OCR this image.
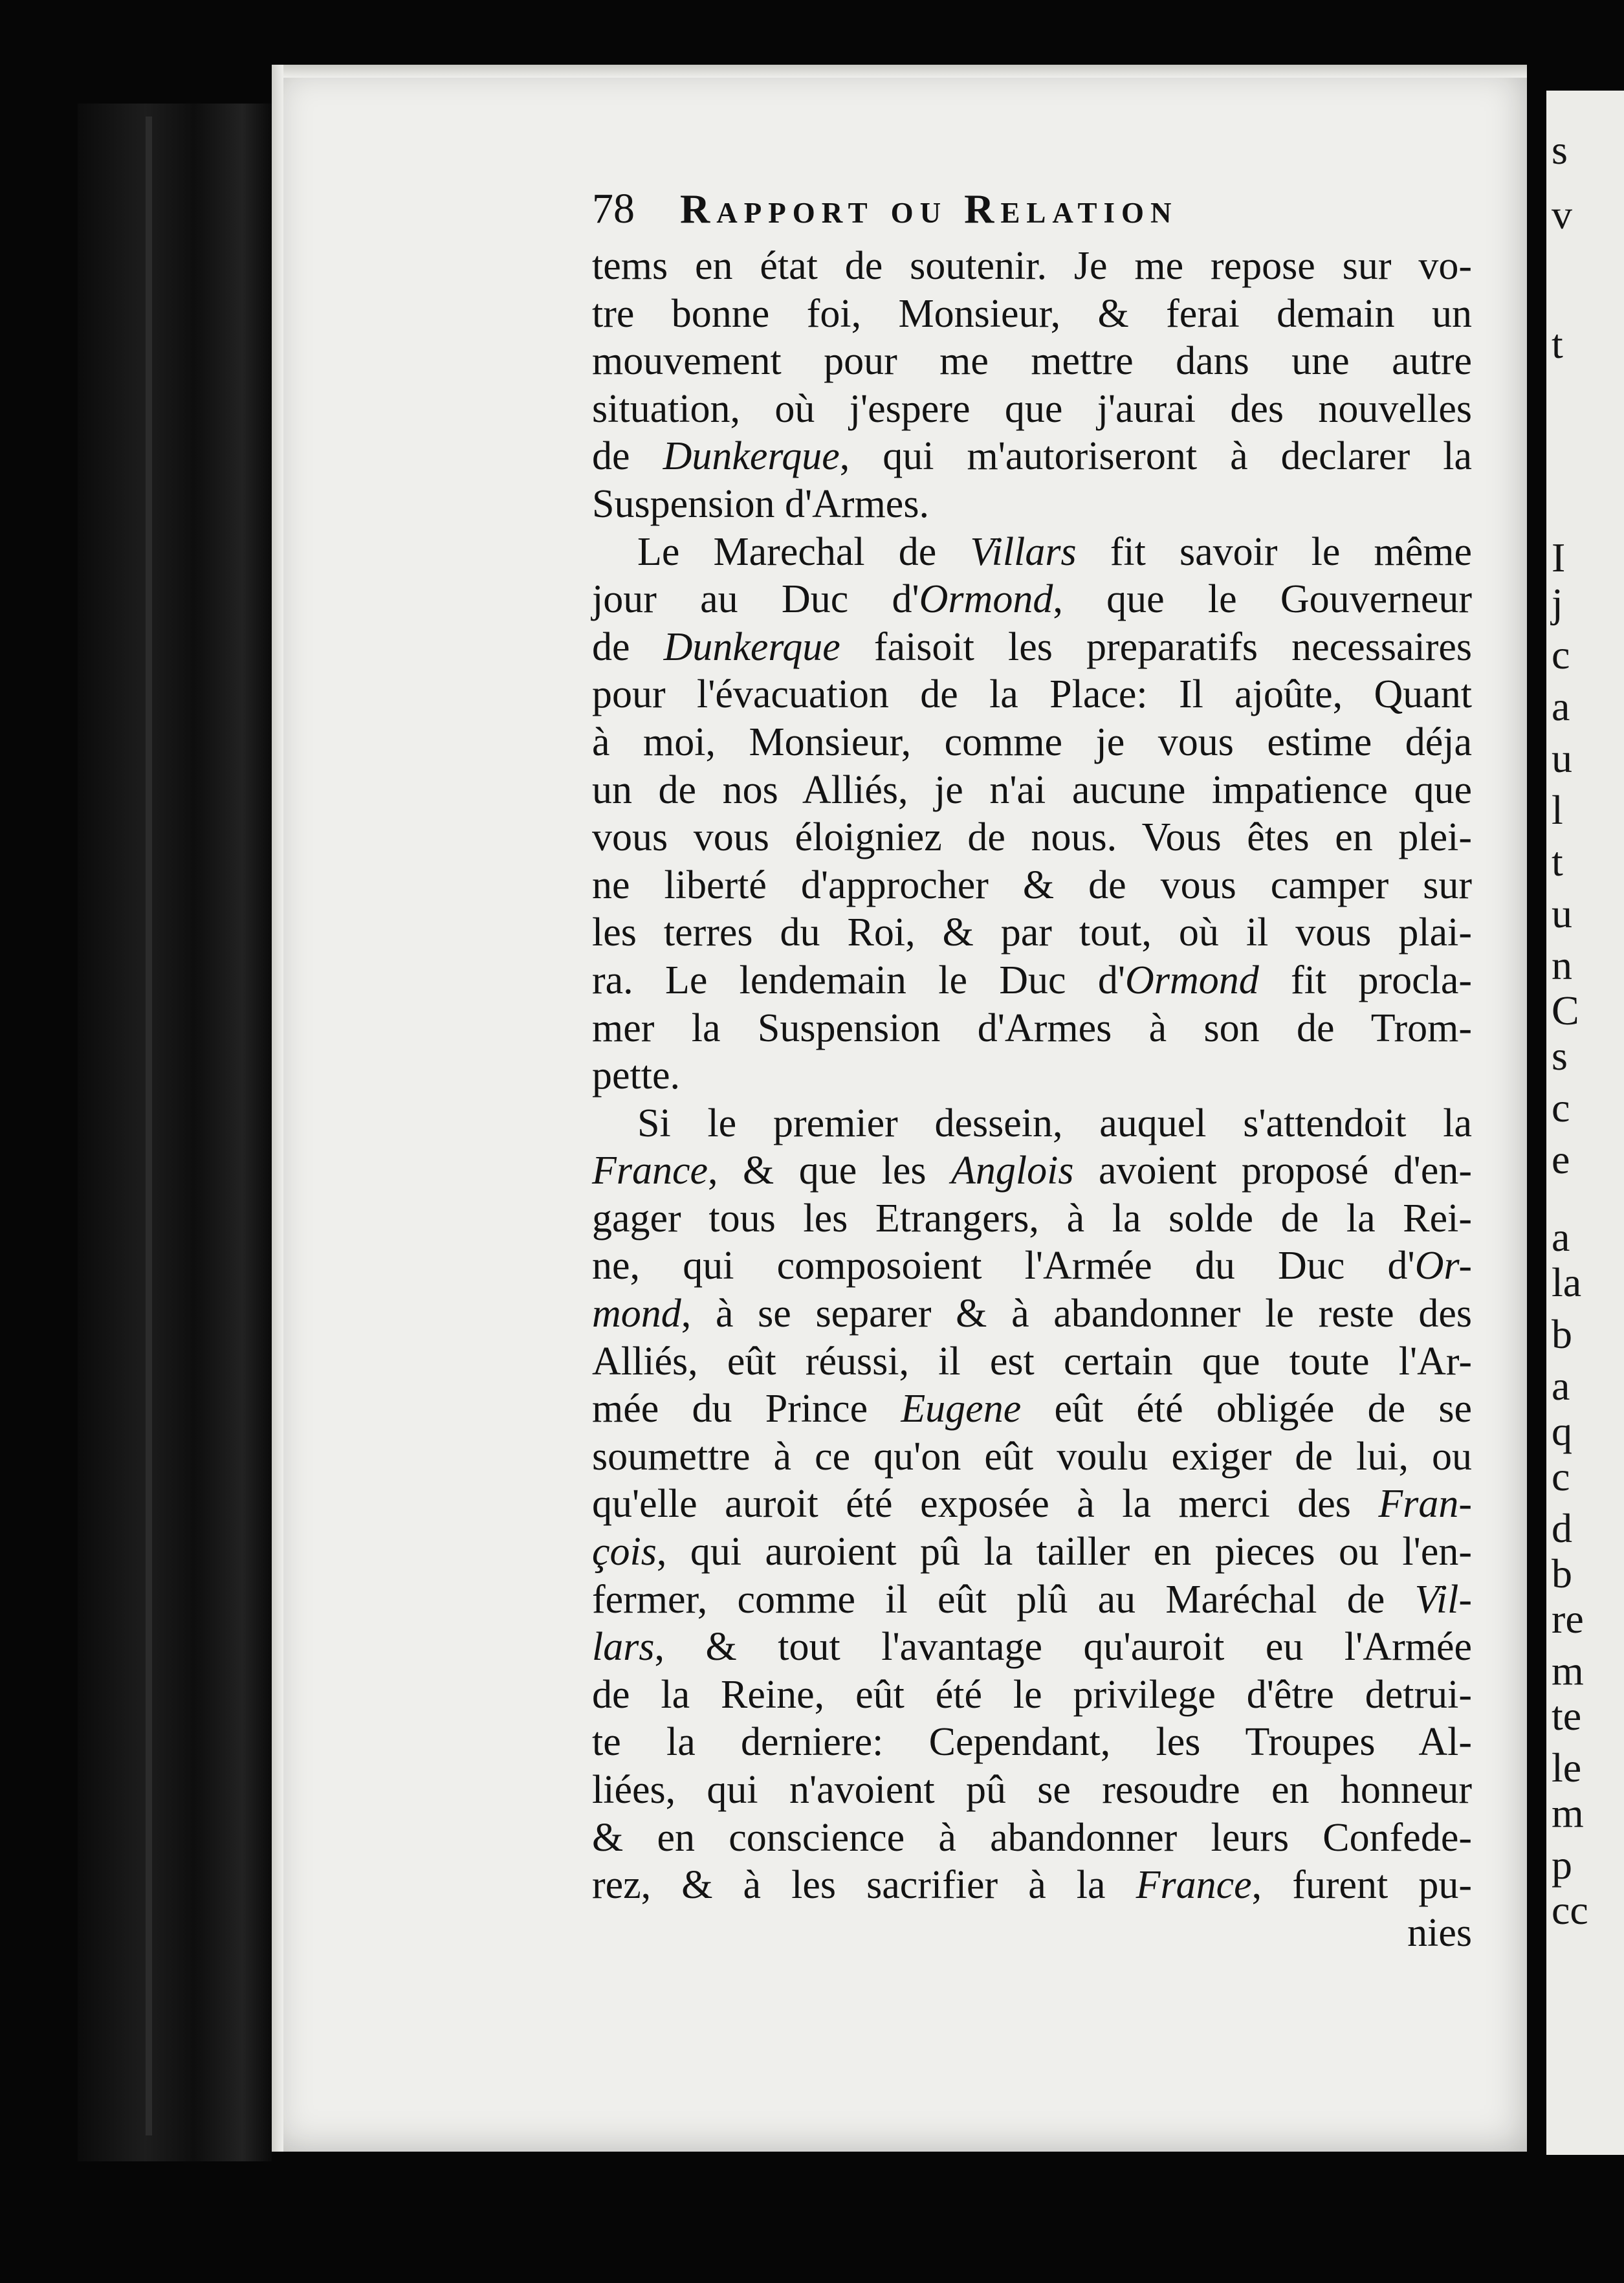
s
v
t
I
j
c
a
u
l
t
u
n
C
s
c
e
a
la
b
a
q
c
d
b
re
m
te
le
m
p
cc
78 Rapport ou Relation
tems en état de soutenir. Je me repose sur vo-
tre bonne foi, Monsieur, & ferai demain un
mouvement pour me mettre dans une autre
situation, où j'espere que j'aurai des nouvelles
de Dunkerque, qui m'autoriseront à declarer la
Suspension d'Armes.
Le Marechal de Villars fit savoir le même
jour au Duc d'Ormond, que le Gouverneur
de Dunkerque faisoit les preparatifs necessaires
pour l'évacuation de la Place: Il ajoûte, Quant
à moi, Monsieur, comme je vous estime déja
un de nos Alliés, je n'ai aucune impatience que
vous vous éloigniez de nous. Vous êtes en plei-
ne liberté d'approcher & de vous camper sur
les terres du Roi, & par tout, où il vous plai-
ra. Le lendemain le Duc d'Ormond fit procla-
mer la Suspension d'Armes à son de Trom-
pette.
Si le premier dessein, auquel s'attendoit la
France, & que les Anglois avoient proposé d'en-
gager tous les Etrangers, à la solde de la Rei-
ne, qui composoient l'Armée du Duc d'Or-
mond, à se separer & à abandonner le reste des
Alliés, eût réussi, il est certain que toute l'Ar-
mée du Prince Eugene eût été obligée de se
soumettre à ce qu'on eût voulu exiger de lui, ou
qu'elle auroit été exposée à la merci des Fran-
çois, qui auroient pû la tailler en pieces ou l'en-
fermer, comme il eût plû au Maréchal de Vil-
lars, & tout l'avantage qu'auroit eu l'Armée
de la Reine, eût été le privilege d'être detrui-
te la derniere: Cependant, les Troupes Al-
liées, qui n'avoient pû se resoudre en honneur
& en conscience à abandonner leurs Confede-
rez, & à les sacrifier à la France, furent pu-
nies
